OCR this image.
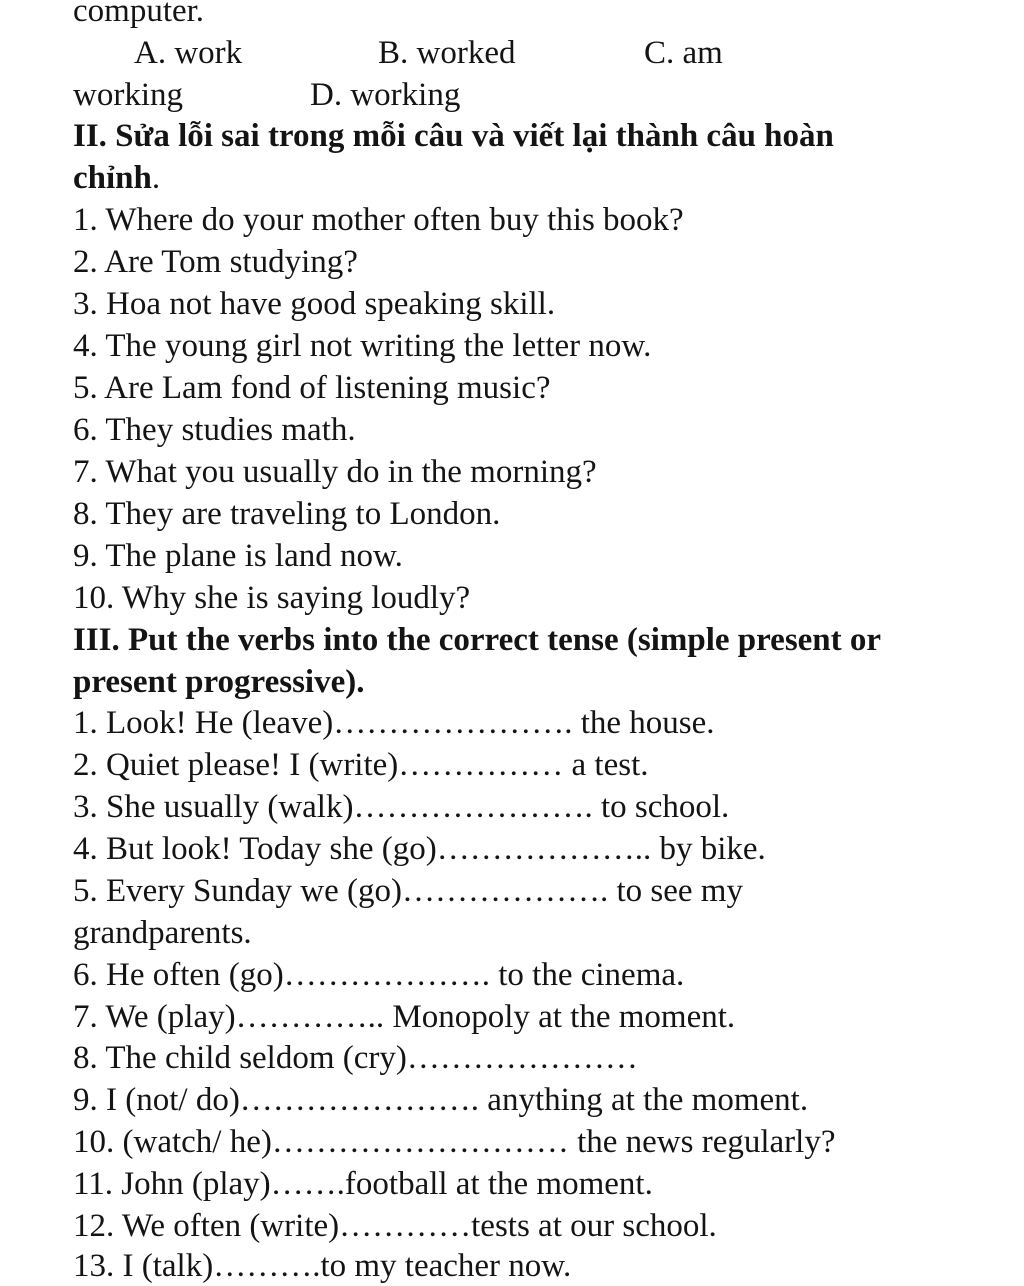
computer.
A. work	B. worked	C. am
working	D. working
II. Sửa lỗi sai trong mỗi câu và viết lại thành câu hoàn
chỉnh.
1. Where do your mother often buy this book?
2. Are Tom studying?
3. Hoa not have good speaking skill.
4. The young girl not writing the letter now.
5. Are Lam fond of listening music?
6. They studies math.
7. What you usually do in the morning?
8. They are traveling to London.
9. The plane is land now.
10. Why she is saying loudly?
III. Put the verbs into the correct tense (simple present or
present progressive).
1. Look! He (leave)…………………. the house.
2. Quiet please! I (write)…………… a test.
3. She usually (walk)…………………. to school.
4. But look! Today she (go)……………….. by bike.
5. Every Sunday we (go)………………. to see my
grandparents.
6. He often (go)………………. to the cinema.
7. We (play)………….. Monopoly at the moment.
8. The child seldom (cry)…………………
9. I (not/ do)…………………. anything at the moment.
10. (watch/ he)……………………… the news regularly?
11. John (play)…….football at the moment.
12. We often (write)…………tests at our school.
13. I (talk)……….to my teacher now.
